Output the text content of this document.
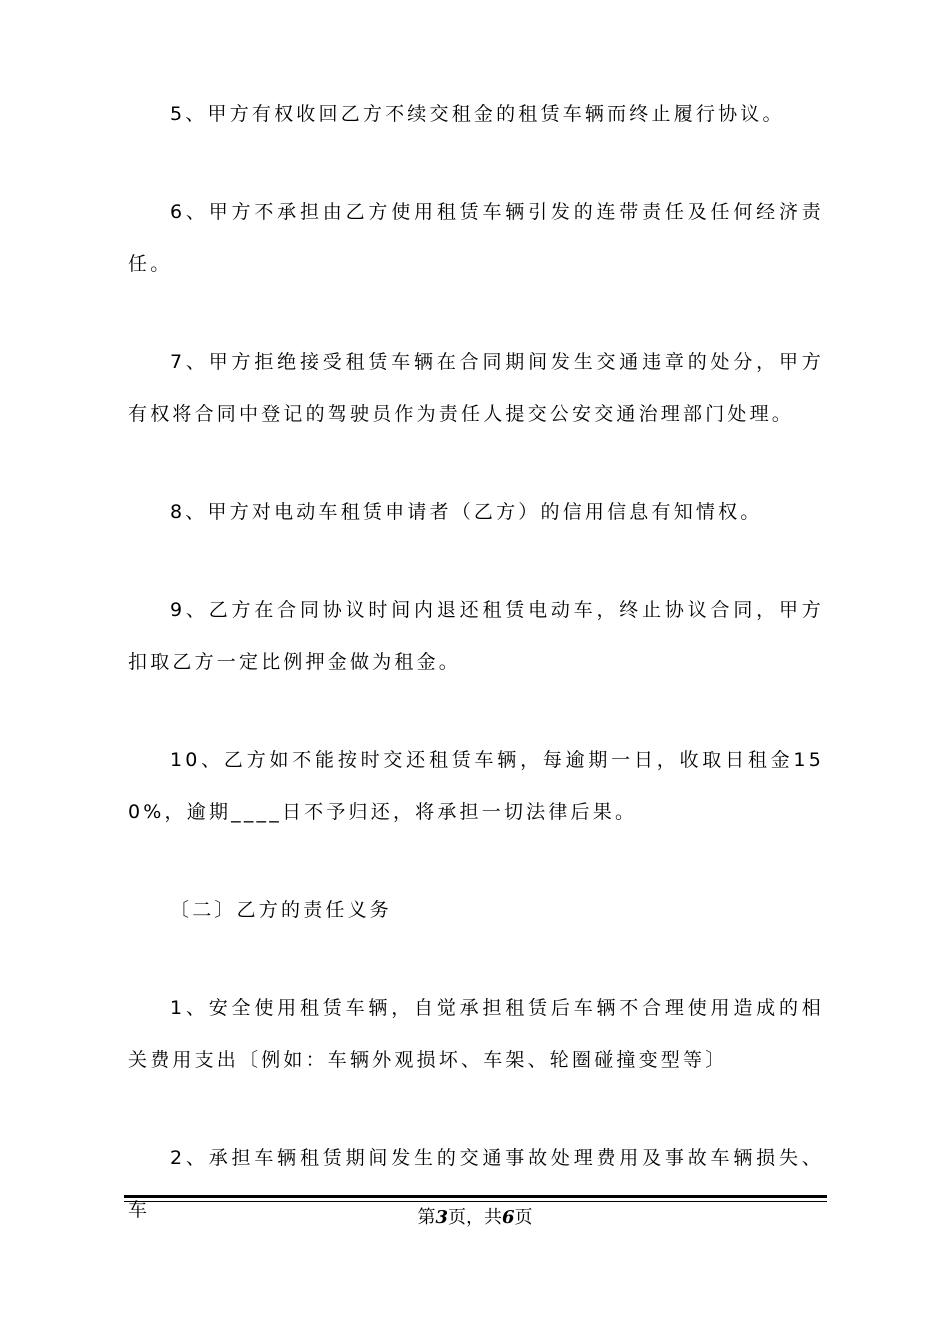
5、甲方有权收回乙方不续交租金的租赁车辆而终止履行协议。

6、甲方不承担由乙方使用租赁车辆引发的连带责任及任何经济责任。

7、甲方拒绝接受租赁车辆在合同期间发生交通违章的处分，甲方有权将合同中登记的驾驶员作为责任人提交公安交通治理部门处理。

8、甲方对电动车租赁申请者（乙方）的信用信息有知情权。

9、乙方在合同协议时间内退还租赁电动车，终止协议合同，甲方扣取乙方一定比例押金做为租金。

10、乙方如不能按时交还租赁车辆，每逾期一日，收取日租金150%，逾期____日不予归还，将承担一切法律后果。

〔二〕乙方的责任义务

1、安全使用租赁车辆，自觉承担租赁后车辆不合理使用造成的相关费用支出〔例如：车辆外观损坏、车架、轮圈碰撞变型等〕

2、承担车辆租赁期间发生的交通事故处理费用及事故车辆损失、车	第3页，共6页
